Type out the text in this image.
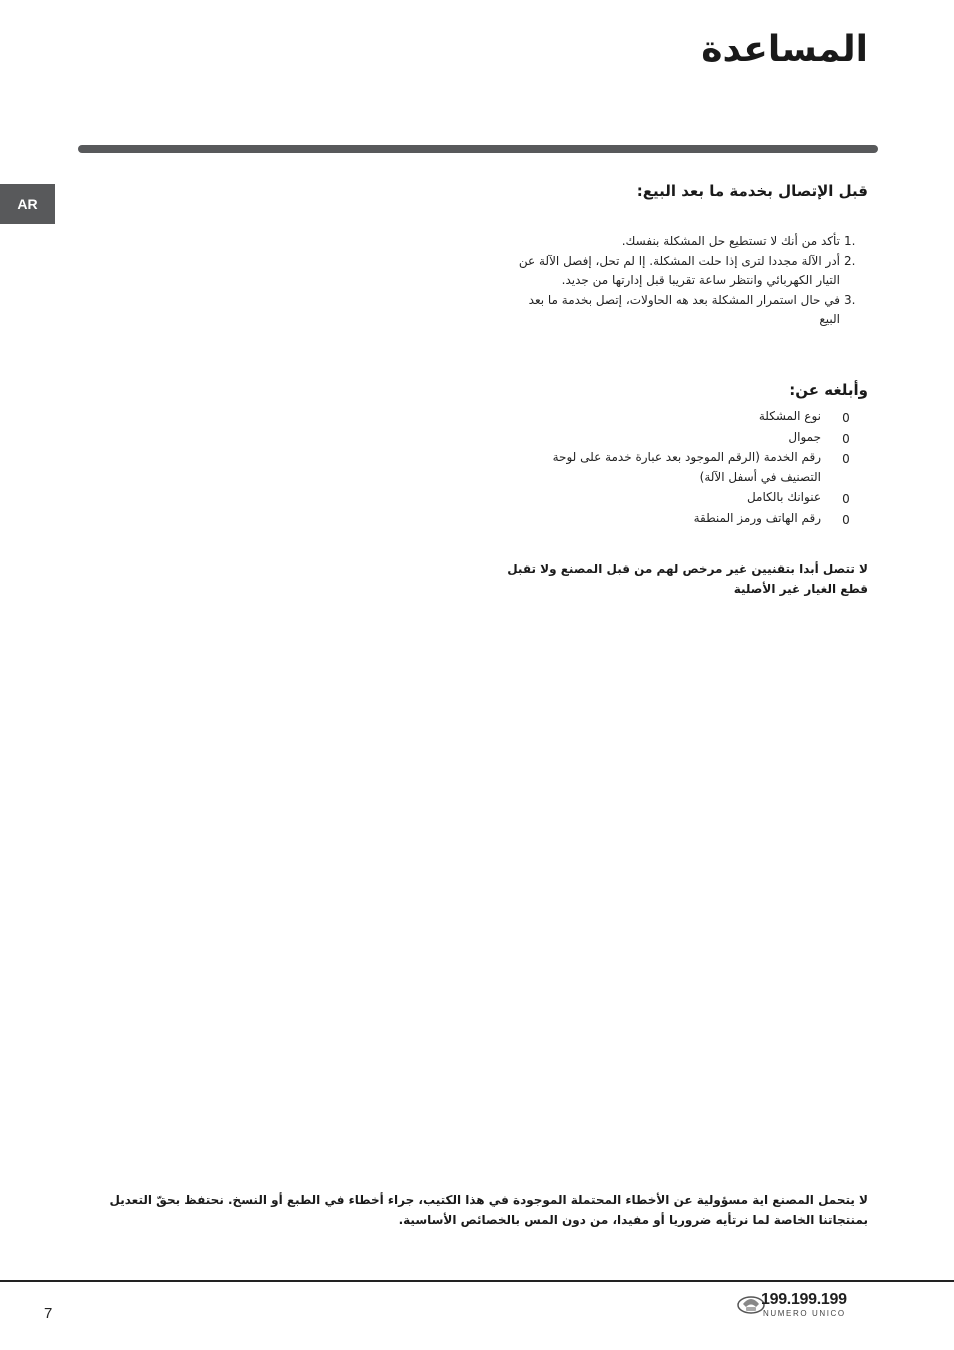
المساعدة
AR
قبل الإتصال بخدمة ما بعد البيع:
1.
تأكد من أنك لا تستطيع حل المشكلة بنفسك.
2.
أدر الآلة مجددا لترى إذا حلت المشكلة. إا لم تحل، إفصل الآلة عن التيار الكهربائي وانتظر ساعة تقريبا قبل إدارتها من جديد.
3.
في حال استمرار المشكلة بعد هه الحاولات، إتصل بخدمة ما بعد البيع
وأبلغه عن:
0
نوع المشكلة
0
جموال
0
رقم الخدمة (الرقم الموجود بعد عبارة خدمة على لوحة التصنيف في أسفل الآلة)
0
عنوانك بالكامل
0
رقم الهاتف ورمز المنطقة
لا تتصل أبدا بتقنيين غير مرخص لهم من قبل المصنع ولا تقبل قطع الغيار غير الأصلية
لا يتحمل المصنع اية مسؤولية عن الأخطاء المحتملة الموجودة في هذا الكتيب، جراء أخطاء في الطبع أو النسخ. نحتفظ بحقّ التعديل بمنتجاتنا الخاصة لما نرتأيه ضروريا أو مفيدا، من دون المس بالخصائص الأساسية.
7
199.199.199
NUMERO UNICO
